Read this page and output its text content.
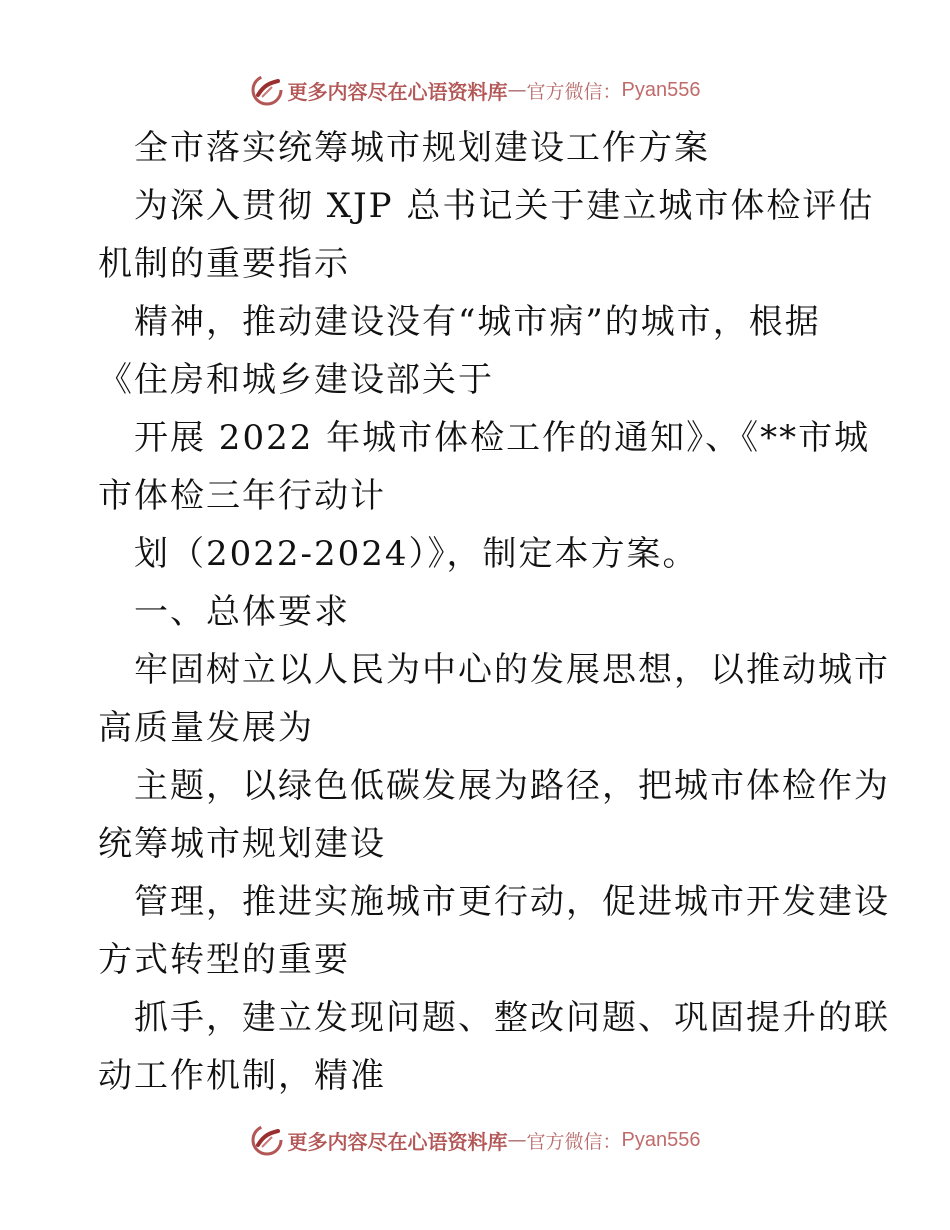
更多内容尽在心语资料库 — 官方微信： Pyan556
全市落实统筹城市规划建设工作方案
为深入贯彻 XJP 总书记关于建立城市体检评估
机制的重要指示
精神，推动建设没有“城市病”的城市，根据
《住房和城乡建设部关于
开展 2022 年城市体检工作的通知》、《**市城
市体检三年行动计
划（2022-2024）》，制定本方案。
一、总体要求
牢固树立以人民为中心的发展思想，以推动城市
高质量发展为
主题，以绿色低碳发展为路径，把城市体检作为
统筹城市规划建设
管理，推进实施城市更行动，促进城市开发建设
方式转型的重要
抓手，建立发现问题、整改问题、巩固提升的联
动工作机制，精准
更多内容尽在心语资料库 — 官方微信： Pyan556
